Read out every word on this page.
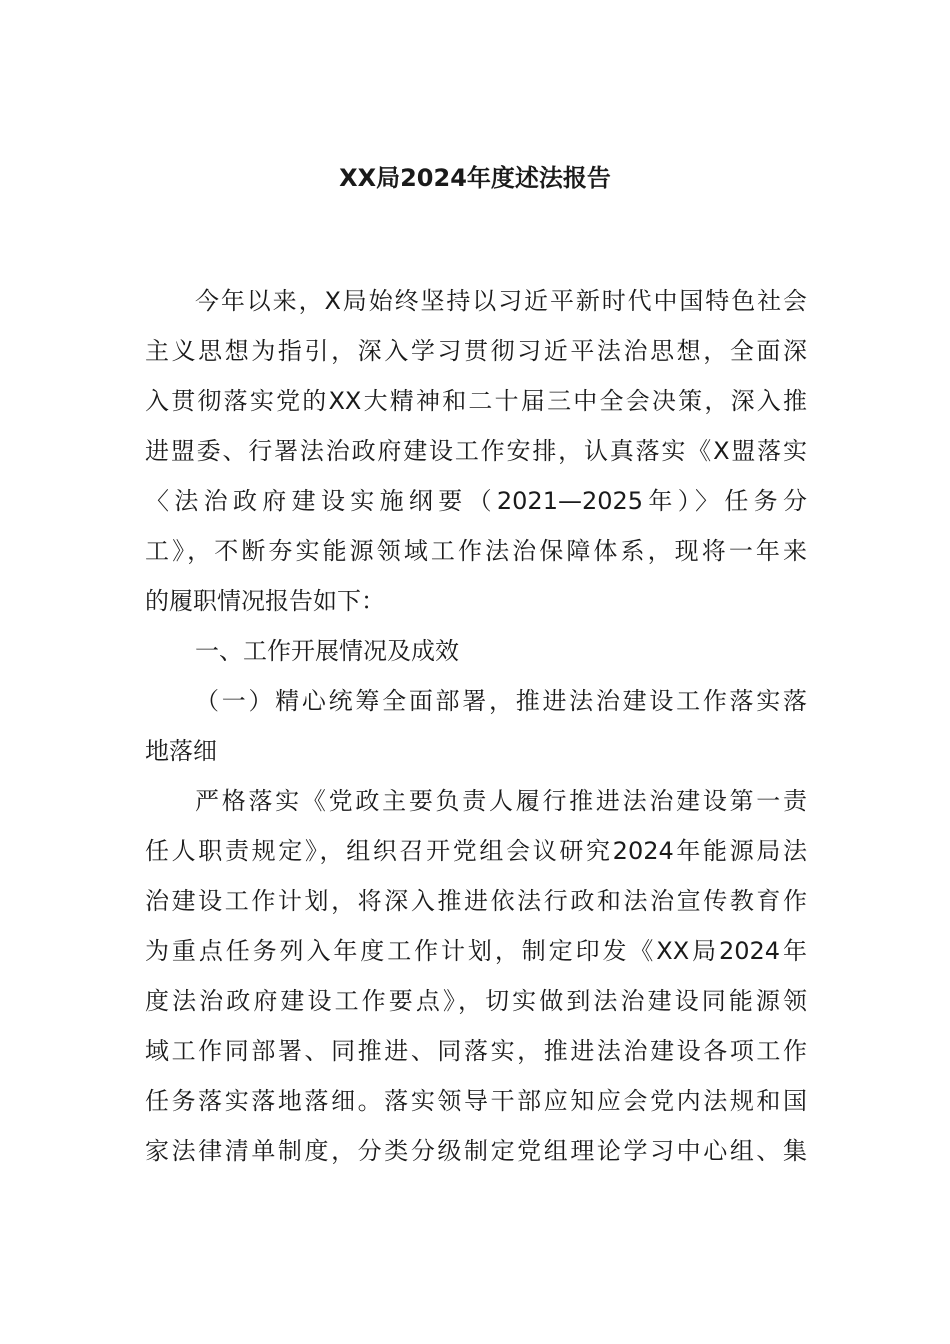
XX局2024年度述法报告
今年以来，X局始终坚持以习近平新时代中国特色社会
主义思想为指引，深入学习贯彻习近平法治思想，全面深
入贯彻落实党的XX大精神和二十届三中全会决策，深入推
进盟委、行署法治政府建设工作安排，认真落实《X盟落实
〈法治政府建设实施纲要（2021—2025年）〉任务分
工》，不断夯实能源领域工作法治保障体系，现将一年来
的履职情况报告如下：
一、工作开展情况及成效
（一）精心统筹全面部署，推进法治建设工作落实落
地落细
严格落实《党政主要负责人履行推进法治建设第一责
任人职责规定》，组织召开党组会议研究2024年能源局法
治建设工作计划，将深入推进依法行政和法治宣传教育作
为重点任务列入年度工作计划，制定印发《XX局2024年
度法治政府建设工作要点》，切实做到法治建设同能源领
域工作同部署、同推进、同落实，推进法治建设各项工作
任务落实落地落细。落实领导干部应知应会党内法规和国
家法律清单制度，分类分级制定党组理论学习中心组、集
